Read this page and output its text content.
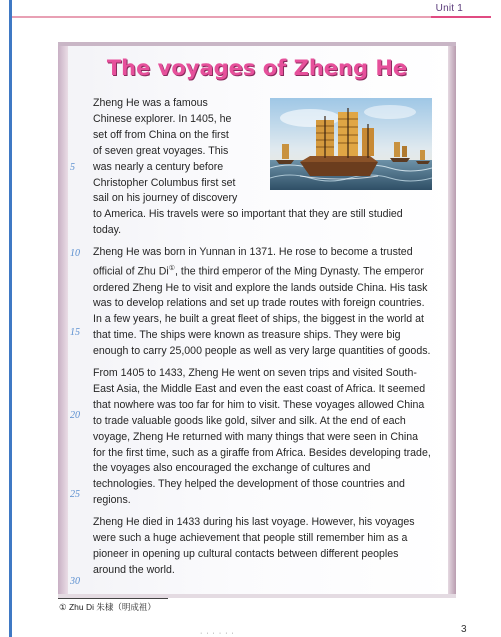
Unit 1
The voyages of Zheng He

Zheng He was a famous
Chinese explorer. In 1405, he
set off from China on the first
of seven great voyages. This
was nearly a century before
Christopher Columbus first set
sail on his journey of discovery
to America. His travels were so important that they are still studied today.

Zheng He was born in Yunnan in 1371. He rose to become a trusted official of Zhu Di①, the third emperor of the Ming Dynasty. The emperor ordered Zheng He to visit and explore the lands outside China. His task was to develop relations and set up trade routes with foreign countries. In a few years, he built a great fleet of ships, the biggest in the world at that time. The ships were known as treasure ships. They were big enough to carry 25,000 people as well as very large quantities of goods.

From 1405 to 1433, Zheng He went on seven trips and visited South-East Asia, the Middle East and even the east coast of Africa. It seemed that nowhere was too far for him to visit. These voyages allowed China to trade valuable goods like gold, silver and silk. At the end of each voyage, Zheng He returned with many things that were seen in China for the first time, such as a giraffe from Africa. Besides developing trade, the voyages also encouraged the exchange of cultures and technologies. They helped the development of those countries and regions.

Zheng He died in 1433 during his last voyage. However, his voyages were such a huge achievement that people still remember him as a pioneer in opening up cultural contacts between different peoples around the world.

5
10
15
20
25
30
① Zhu Di 朱棣（明成祖）
3
· · · · · ·
